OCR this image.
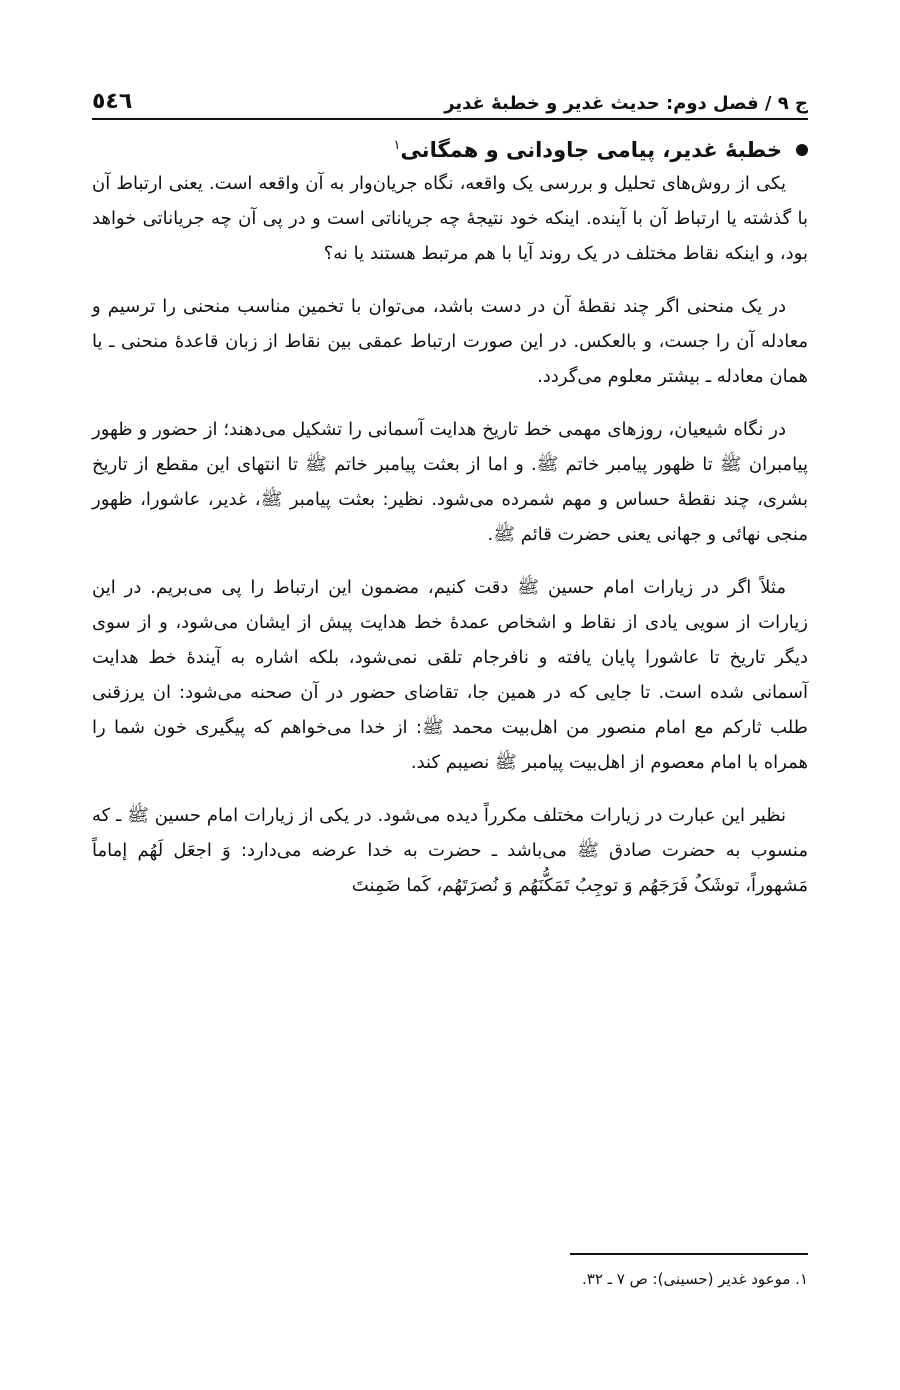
ج ۹ / فصل دوم: حدیث غدیر و خطبۀ غدیر
٥٤٦
خطبۀ غدیر، پیامی جاودانی و همگانی$^۱$

یکی از روش‌های تحلیل و بررسی یک واقعه، نگاه جریان‌وار به آن واقعه است. یعنی ارتباط آن با گذشته یا ارتباط آن با آینده. اینکه خود نتیجۀ چه جریاناتی است و در پی آن چه جریاناتی خواهد بود، و اینکه نقاط مختلف در یک روند آیا با هم مرتبط هستند یا نه؟

در یک منحنی اگر چند نقطۀ آن در دست باشد، می‌توان با تخمین مناسب منحنی را ترسیم و معادله آن را جست، و بالعکس. در این صورت ارتباط عمقی بین نقاط از زبان قاعدۀ منحنی ـ یا همان معادله ـ بیشتر معلوم می‌گردد.

در نگاه شیعیان، روزهای مهمی خط تاریخ هدایت آسمانی را تشکیل می‌دهند؛ از حضور و ظهور پیامبران ﷺ تا ظهور پیامبر خاتم ﷺ. و اما از بعثت پیامبر خاتم ﷺ تا انتهای این مقطع از تاریخ بشری، چند نقطۀ حساس و مهم شمرده می‌شود. نظیر: بعثت پیامبر ﷺ، غدیر، عاشورا، ظهور منجی نهائی و جهانی یعنی حضرت قائم ﷺ.

مثلاً اگر در زیارات امام حسین ﷺ دقت کنیم، مضمون این ارتباط را پی می‌بریم. در این زیارات از سویی یادی از نقاط و اشخاص عمدۀ خط هدایت پیش از ایشان می‌شود، و از سوی دیگر تاریخ تا عاشورا پایان یافته و نافرجام تلقی نمی‌شود، بلکه اشاره به آیندۀ خط هدایت آسمانی شده است. تا جایی که در همین جا، تقاضای حضور در آن صحنه می‌شود: ان یرزقنی طلب ثارکم مع امام منصور من اهل‌بیت محمد ﷺ: از خدا می‌خواهم که پیگیری خون شما را همراه با امام معصوم از اهل‌بیت پیامبر ﷺ نصیبم کند.

نظیر این عبارت در زیارات مختلف مکرراً دیده می‌شود. در یکی از زیارات امام حسین ﷺ ـ که منسوب به حضرت صادق ﷺ می‌باشد ـ حضرت به خدا عرضه می‌دارد: وَ اجعَل لَهُم إماماً مَشهوراً، توشَکُ فَرَجَهُم وَ توجِبُ تَمَکُّنَهُم وَ نُصرَتَهُم، کَما ضَمِنتَ

۱. موعود غدیر (حسینی): ص ۷ ـ ۳۲.
